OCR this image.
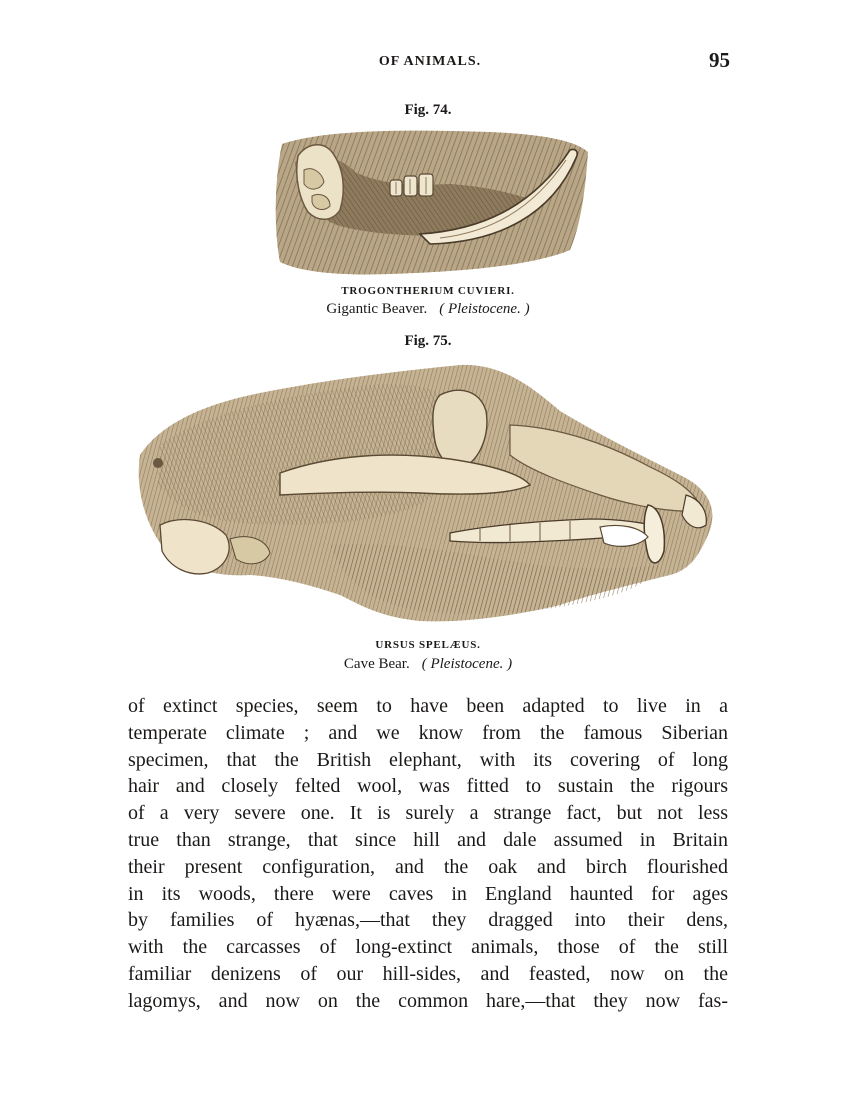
OF ANIMALS.	95
Fig. 74.
TROGONTHERIUM CUVIERI.
Gigantic Beaver. ( Pleistocene. )
Fig. 75.
URSUS SPELÆUS.
Cave Bear. ( Pleistocene. )
of extinct species, seem to have been adapted to live in a
temperate climate ; and we know from the famous Siberian
specimen, that the British elephant, with its covering of long
hair and closely felted wool, was fitted to sustain the rigours
of a very severe one. It is surely a strange fact, but not less
true than strange, that since hill and dale assumed in Britain
their present configuration, and the oak and birch flourished
in its woods, there were caves in England haunted for ages
by families of hyænas,—that they dragged into their dens,
with the carcasses of long-extinct animals, those of the still
familiar denizens of our hill-sides, and feasted, now on the
lagomys, and now on the common hare,—that they now fas-
